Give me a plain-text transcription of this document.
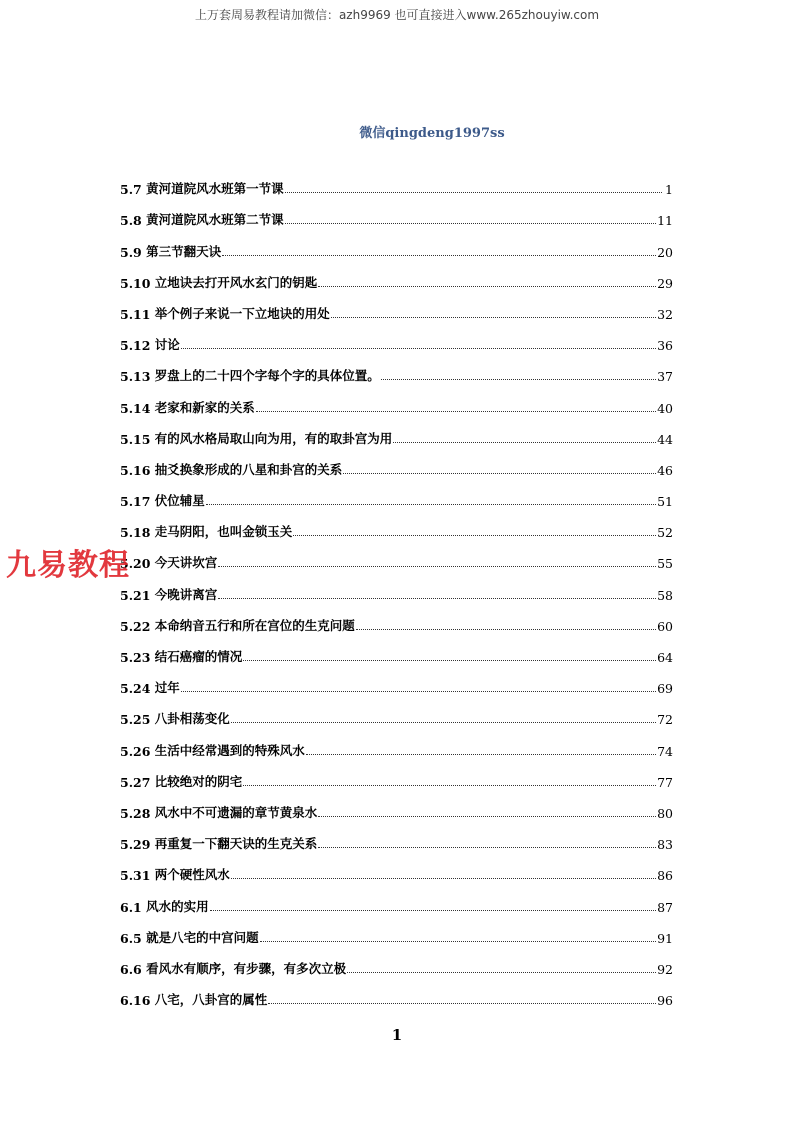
上万套周易教程请加微信：azh9969 也可直接进入www.265zhouyiw.com
微信qingdeng1997ss
5.7 黄河道院风水班第一节课	1
5.8 黄河道院风水班第二节课	11
5.9 第三节翻天诀	20
5.10 立地诀去打开风水玄门的钥匙	29
5.11 举个例子来说一下立地诀的用处	32
5.12 讨论	36
5.13 罗盘上的二十四个字每个字的具体位置。	37
5.14 老家和新家的关系	40
5.15 有的风水格局取山向为用，有的取卦宫为用	44
5.16 抽爻换象形成的八星和卦宫的关系	46
5.17 伏位辅星	51
5.18 走马阴阳，也叫金锁玉关	52
5.20 今天讲坎宫	55
5.21 今晚讲离宫	58
5.22 本命纳音五行和所在宫位的生克问题	60
5.23 结石癌瘤的情况	64
5.24 过年	69
5.25 八卦相荡变化	72
5.26 生活中经常遇到的特殊风水	74
5.27 比较绝对的阴宅	77
5.28 风水中不可遗漏的章节黄泉水	80
5.29 再重复一下翻天诀的生克关系	83
5.31 两个硬性风水	86
6.1 风水的实用	87
6.5 就是八宅的中宫问题	91
6.6 看风水有顺序，有步骤，有多次立极	92
6.16 八宅，八卦宫的属性	96
九易教程
1
